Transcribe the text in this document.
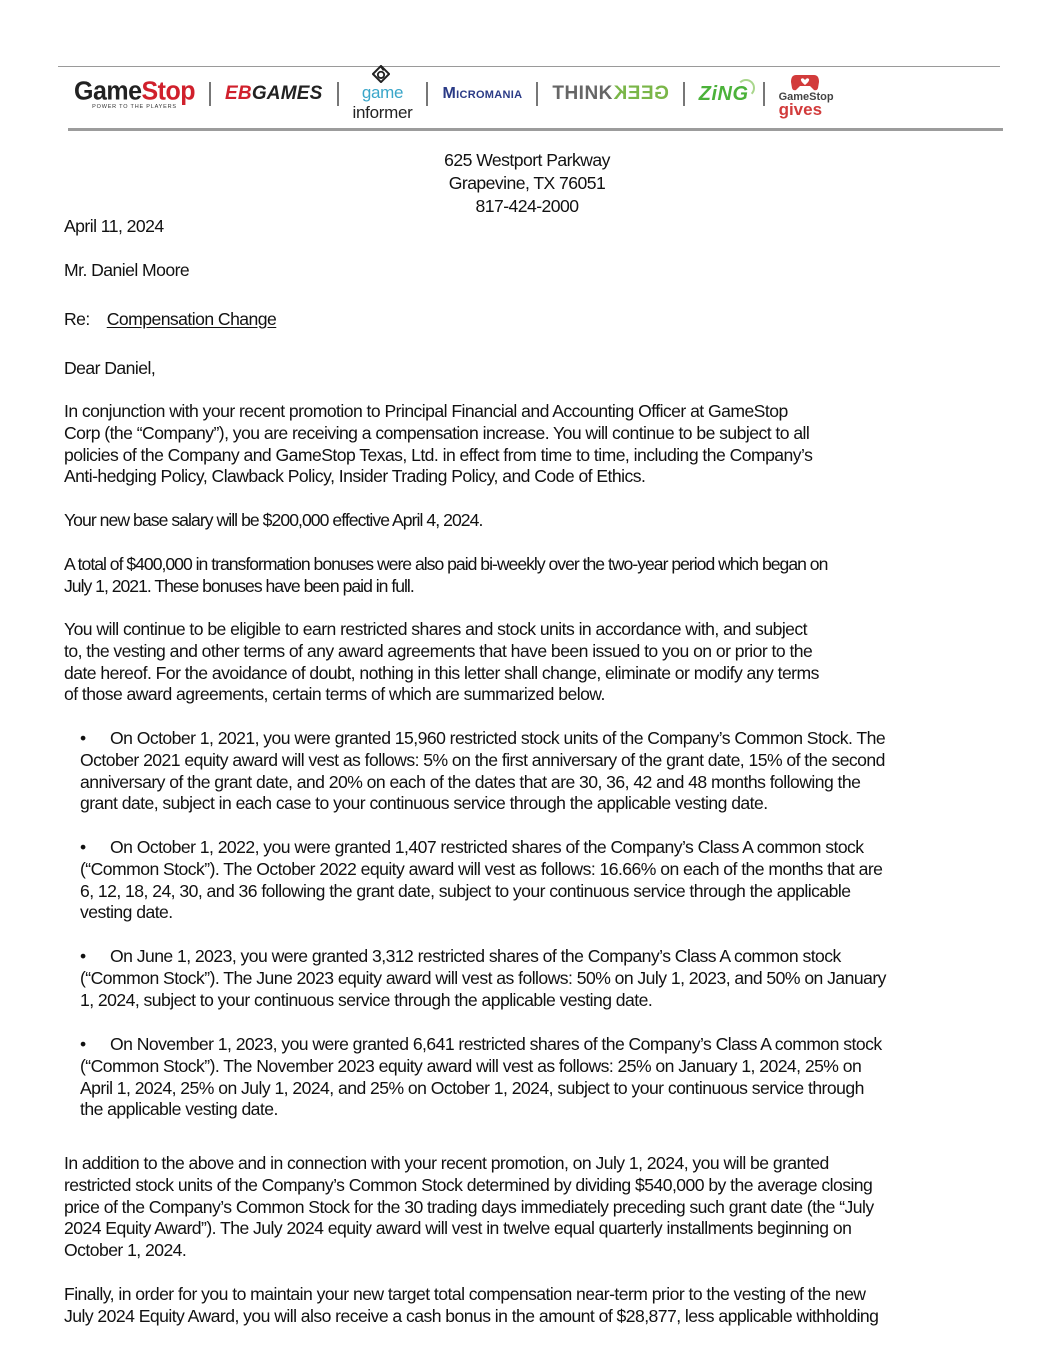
GameStop
POWER TO THE PLAYERS
EBGAMES game
informer
Micromania THINKGEEK ZiNG	GameStop
gives
625 Westport Parkway
Grapevine, TX 76051
817-424-2000
April 11, 2024
Mr. Daniel Moore
Re: Compensation Change
Dear Daniel,
In conjunction with your recent promotion to Principal Financial and Accounting Officer at GameStop
Corp (the “Company”), you are receiving a compensation increase. You will continue to be subject to all
policies of the Company and GameStop Texas, Ltd. in effect from time to time, including the Company’s
Anti-hedging Policy, Clawback Policy, Insider Trading Policy, and Code of Ethics.
Your new base salary will be $200,000 effective April 4, 2024.
A total of $400,000 in transformation bonuses were also paid bi-weekly over the two-year period which began on
July 1, 2021. These bonuses have been paid in full.
You will continue to be eligible to earn restricted shares and stock units in accordance with, and subject
to, the vesting and other terms of any award agreements that have been issued to you on or prior to the
date hereof. For the avoidance of doubt, nothing in this letter shall change, eliminate or modify any terms
of those award agreements, certain terms of which are summarized below.
• On October 1, 2021, you were granted 15,960 restricted stock units of the Company’s Common Stock. The
October 2021 equity award will vest as follows: 5% on the first anniversary of the grant date, 15% of the second
anniversary of the grant date, and 20% on each of the dates that are 30, 36, 42 and 48 months following the
grant date, subject in each case to your continuous service through the applicable vesting date.
• On October 1, 2022, you were granted 1,407 restricted shares of the Company’s Class A common stock
(“Common Stock”). The October 2022 equity award will vest as follows: 16.66% on each of the months that are
6, 12, 18, 24, 30, and 36 following the grant date, subject to your continuous service through the applicable
vesting date.
• On June 1, 2023, you were granted 3,312 restricted shares of the Company’s Class A common stock
(“Common Stock”). The June 2023 equity award will vest as follows: 50% on July 1, 2023, and 50% on January
1, 2024, subject to your continuous service through the applicable vesting date.
• On November 1, 2023, you were granted 6,641 restricted shares of the Company’s Class A common stock
(“Common Stock”). The November 2023 equity award will vest as follows: 25% on January 1, 2024, 25% on
April 1, 2024, 25% on July 1, 2024, and 25% on October 1, 2024, subject to your continuous service through
the applicable vesting date.
In addition to the above and in connection with your recent promotion, on July 1, 2024, you will be granted
restricted stock units of the Company’s Common Stock determined by dividing $540,000 by the average closing
price of the Company’s Common Stock for the 30 trading days immediately preceding such grant date (the “July
2024 Equity Award”). The July 2024 equity award will vest in twelve equal quarterly installments beginning on
October 1, 2024.
Finally, in order for you to maintain your new target total compensation near-term prior to the vesting of the new
July 2024 Equity Award, you will also receive a cash bonus in the amount of $28,877, less applicable withholding
